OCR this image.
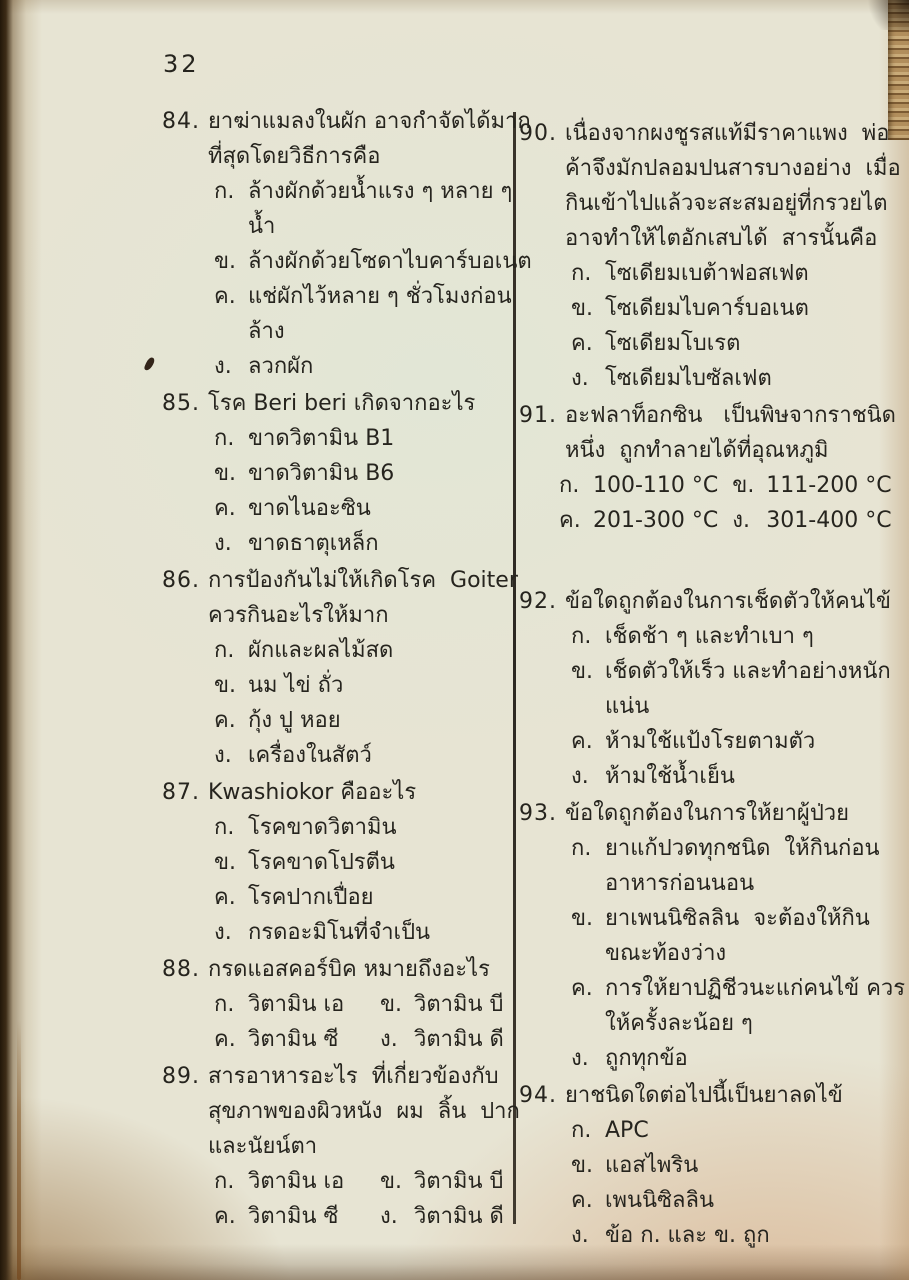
32
84. ยาฆ่าแมลงในผัก อาจกำจัดได้มาก
ที่สุดโดยวิธีการคือ
ก. ล้างผักด้วยน้ำแรง ๆ หลาย ๆ
น้ำ
ข. ล้างผักด้วยโซดาไบคาร์บอเนต
ค. แช่ผักไว้หลาย ๆ ชั่วโมงก่อน
ล้าง
ง. ลวกผัก
85. โรค Beri beri เกิดจากอะไร
ก. ขาดวิตามิน B1
ข. ขาดวิตามิน B6
ค. ขาดไนอะซิน
ง. ขาดธาตุเหล็ก
86. การป้องกันไม่ให้เกิดโรค  Goiter
ควรกินอะไรให้มาก
ก. ผักและผลไม้สด
ข. นม ไข่ ถั่ว
ค. กุ้ง ปู หอย
ง. เครื่องในสัตว์
87. Kwashiokor คืออะไร
ก. โรคขาดวิตามิน
ข. โรคขาดโปรตีน
ค. โรคปากเปื่อย
ง. กรดอะมิโนที่จำเป็น
88. กรดแอสคอร์บิค หมายถึงอะไร
ก. วิตามิน เอ ข. วิตามิน บี
ค. วิตามิน ซี ง. วิตามิน ดี
89. สารอาหารอะไร  ที่เกี่ยวข้องกับ
สุขภาพของผิวหนัง  ผม  ลิ้น  ปาก
และนัยน์ตา
ก. วิตามิน เอ ข. วิตามิน บี
ค. วิตามิน ซี ง. วิตามิน ดี
90. เนื่องจากผงชูรสแท้มีราคาแพง  พ่อ
ค้าจึงมักปลอมปนสารบางอย่าง  เมื่อ
กินเข้าไปแล้วจะสะสมอยู่ที่กรวยไต
อาจทำให้ไตอักเสบได้  สารนั้นคือ
ก. โซเดียมเบต้าฟอสเฟต
ข. โซเดียมไบคาร์บอเนต
ค. โซเดียมโบเรต
ง. โซเดียมไบซัลเฟต
91. อะฟลาท็อกซิน   เป็นพิษจากราชนิด
หนึ่ง  ถูกทำลายได้ที่อุณหภูมิ
ก. 100-110 °C ข. 111-200 °C
ค. 201-300 °C ง. 301-400 °C
92. ข้อใดถูกต้องในการเช็ดตัวให้คนไข้
ก. เช็ดช้า ๆ และทำเบา ๆ
ข. เช็ดตัวให้เร็ว และทำอย่างหนัก
แน่น
ค. ห้ามใช้แป้งโรยตามตัว
ง. ห้ามใช้น้ำเย็น
93. ข้อใดถูกต้องในการให้ยาผู้ป่วย
ก. ยาแก้ปวดทุกชนิด  ให้กินก่อน
อาหารก่อนนอน
ข. ยาเพนนิซิลลิน  จะต้องให้กิน
ขณะท้องว่าง
ค. การให้ยาปฏิชีวนะแก่คนไข้ ควร
ให้ครั้งละน้อย ๆ
ง. ถูกทุกข้อ
94. ยาชนิดใดต่อไปนี้เป็นยาลดไข้
ก. APC
ข. แอสไพริน
ค. เพนนิซิลลิน
ง. ข้อ ก. และ ข. ถูก
